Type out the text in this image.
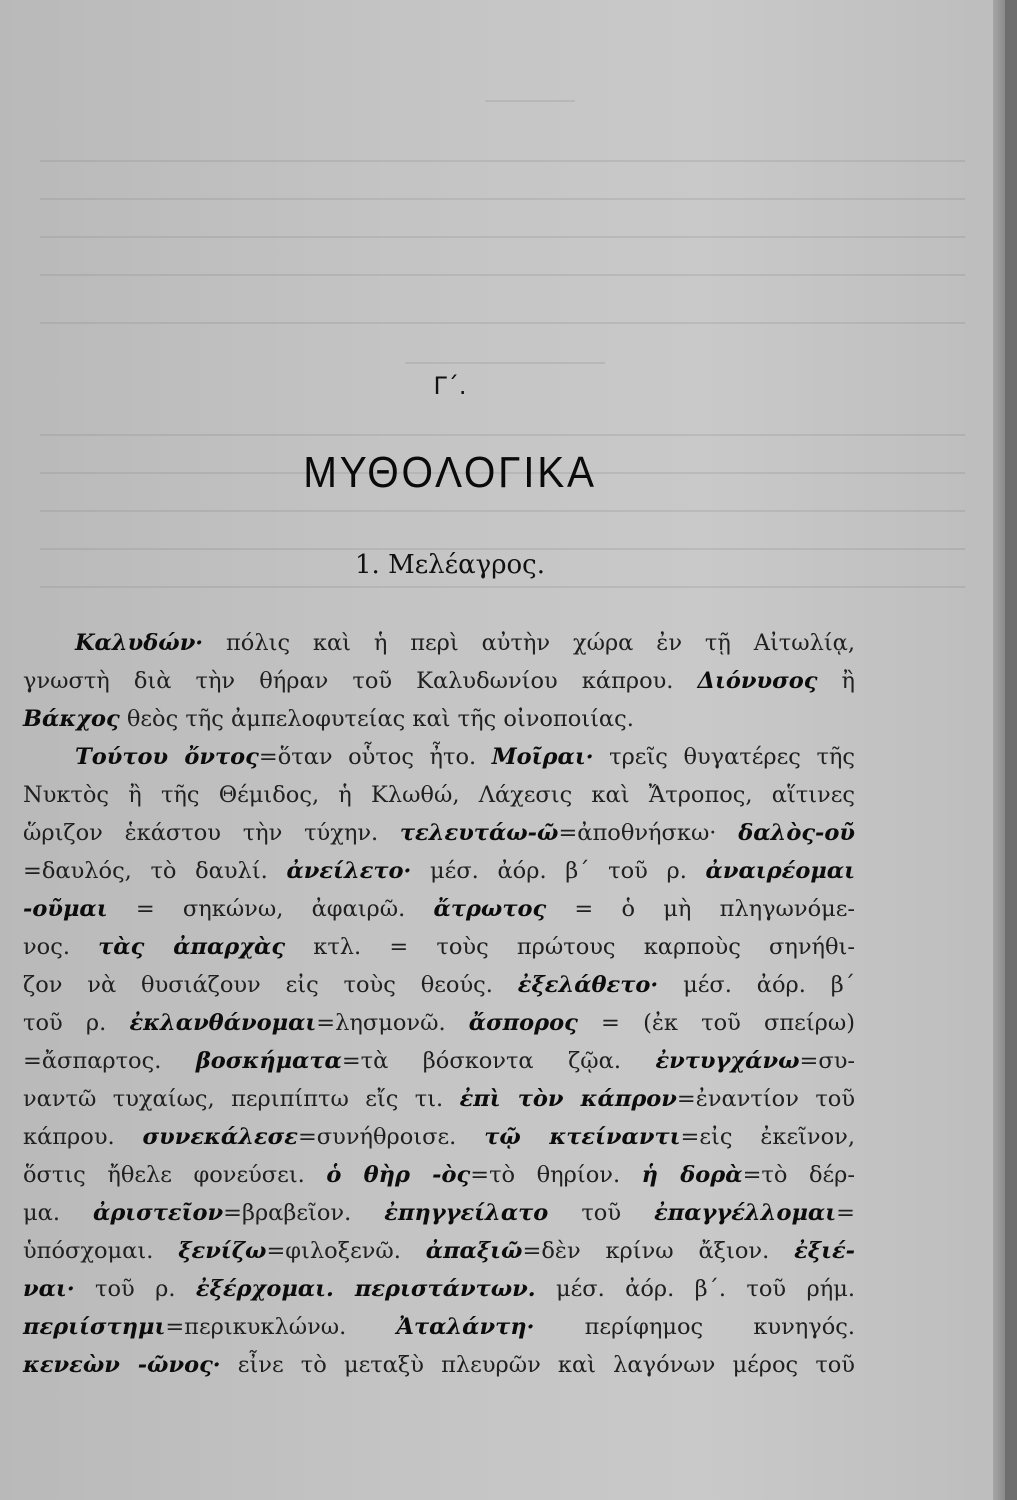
Γ΄.
ΜΥΘΟΛΟΓΙΚΑ
1. Μελέαγρος.
Καλυδών· πόλις καὶ ἡ περὶ αὐτὴν χώρα ἐν τῇ Αἰτωλίᾳ,
γνωστὴ διὰ τὴν θήραν τοῦ Καλυδωνίου κάπρου. Διόνυσος ἢ
Βάκχος θεὸς τῆς ἀμπελοφυτείας καὶ τῆς οἰνοποιίας.
Τούτου ὄντος=ὅταν οὗτος ἦτο. Μοῖραι· τρεῖς θυγατέρες τῆς
Νυκτὸς ἢ τῆς Θέμιδος, ἡ Κλωθώ, Λάχεσις καὶ Ἄτροπος, αἵτινες
ὥριζον ἑκάστου τὴν τύχην. τελευτάω-ῶ=ἀποθνήσκω· δαλὸς-οῦ
=δαυλός, τὸ δαυλί. ἀνείλετο· μέσ. ἀόρ. β΄ τοῦ ρ. ἀναιρέομαι
-οῦμαι = σηκώνω, ἀφαιρῶ. ἄτρωτος = ὁ μὴ πληγωνόμε-
νος. τὰς ἀπαρχὰς κτλ. = τοὺς πρώτους καρποὺς σηνήθι-
ζον νὰ θυσιάζουν εἰς τοὺς θεούς. ἐξελάθετο· μέσ. ἀόρ. β΄
τοῦ ρ. ἐκλανθάνομαι=λησμονῶ. ἄσπορος = (ἐκ τοῦ σπείρω)
=ἄσπαρτος. βοσκήματα=τὰ βόσκοντα ζῷα. ἐντυγχάνω=συ-
ναντῶ τυχαίως, περιπίπτω εἴς τι. ἐπὶ τὸν κάπρον=ἐναντίον τοῦ
κάπρου. συνεκάλεσε=συνήθροισε. τῷ κτείναντι=εἰς ἐκεῖνον,
ὅστις ἤθελε φονεύσει. ὁ θὴρ -ὸς=τὸ θηρίον. ἡ δορὰ=τὸ δέρ-
μα. ἀριστεῖον=βραβεῖον. ἐπηγγείλατο τοῦ ἐπαγγέλλομαι=
ὑπόσχομαι. ξενίζω=φιλοξενῶ. ἀπαξιῶ=δὲν κρίνω ἄξιον. ἐξιέ-
ναι· τοῦ ρ. ἐξέρχομαι. περιστάντων. μέσ. ἀόρ. β΄. τοῦ ρήμ.
περιίστημι=περικυκλώνω. Ἀταλάντη· περίφημος κυνηγός.
κενεὼν -ῶνος· εἶνε τὸ μεταξὺ πλευρῶν καὶ λαγόνων μέρος τοῦ
